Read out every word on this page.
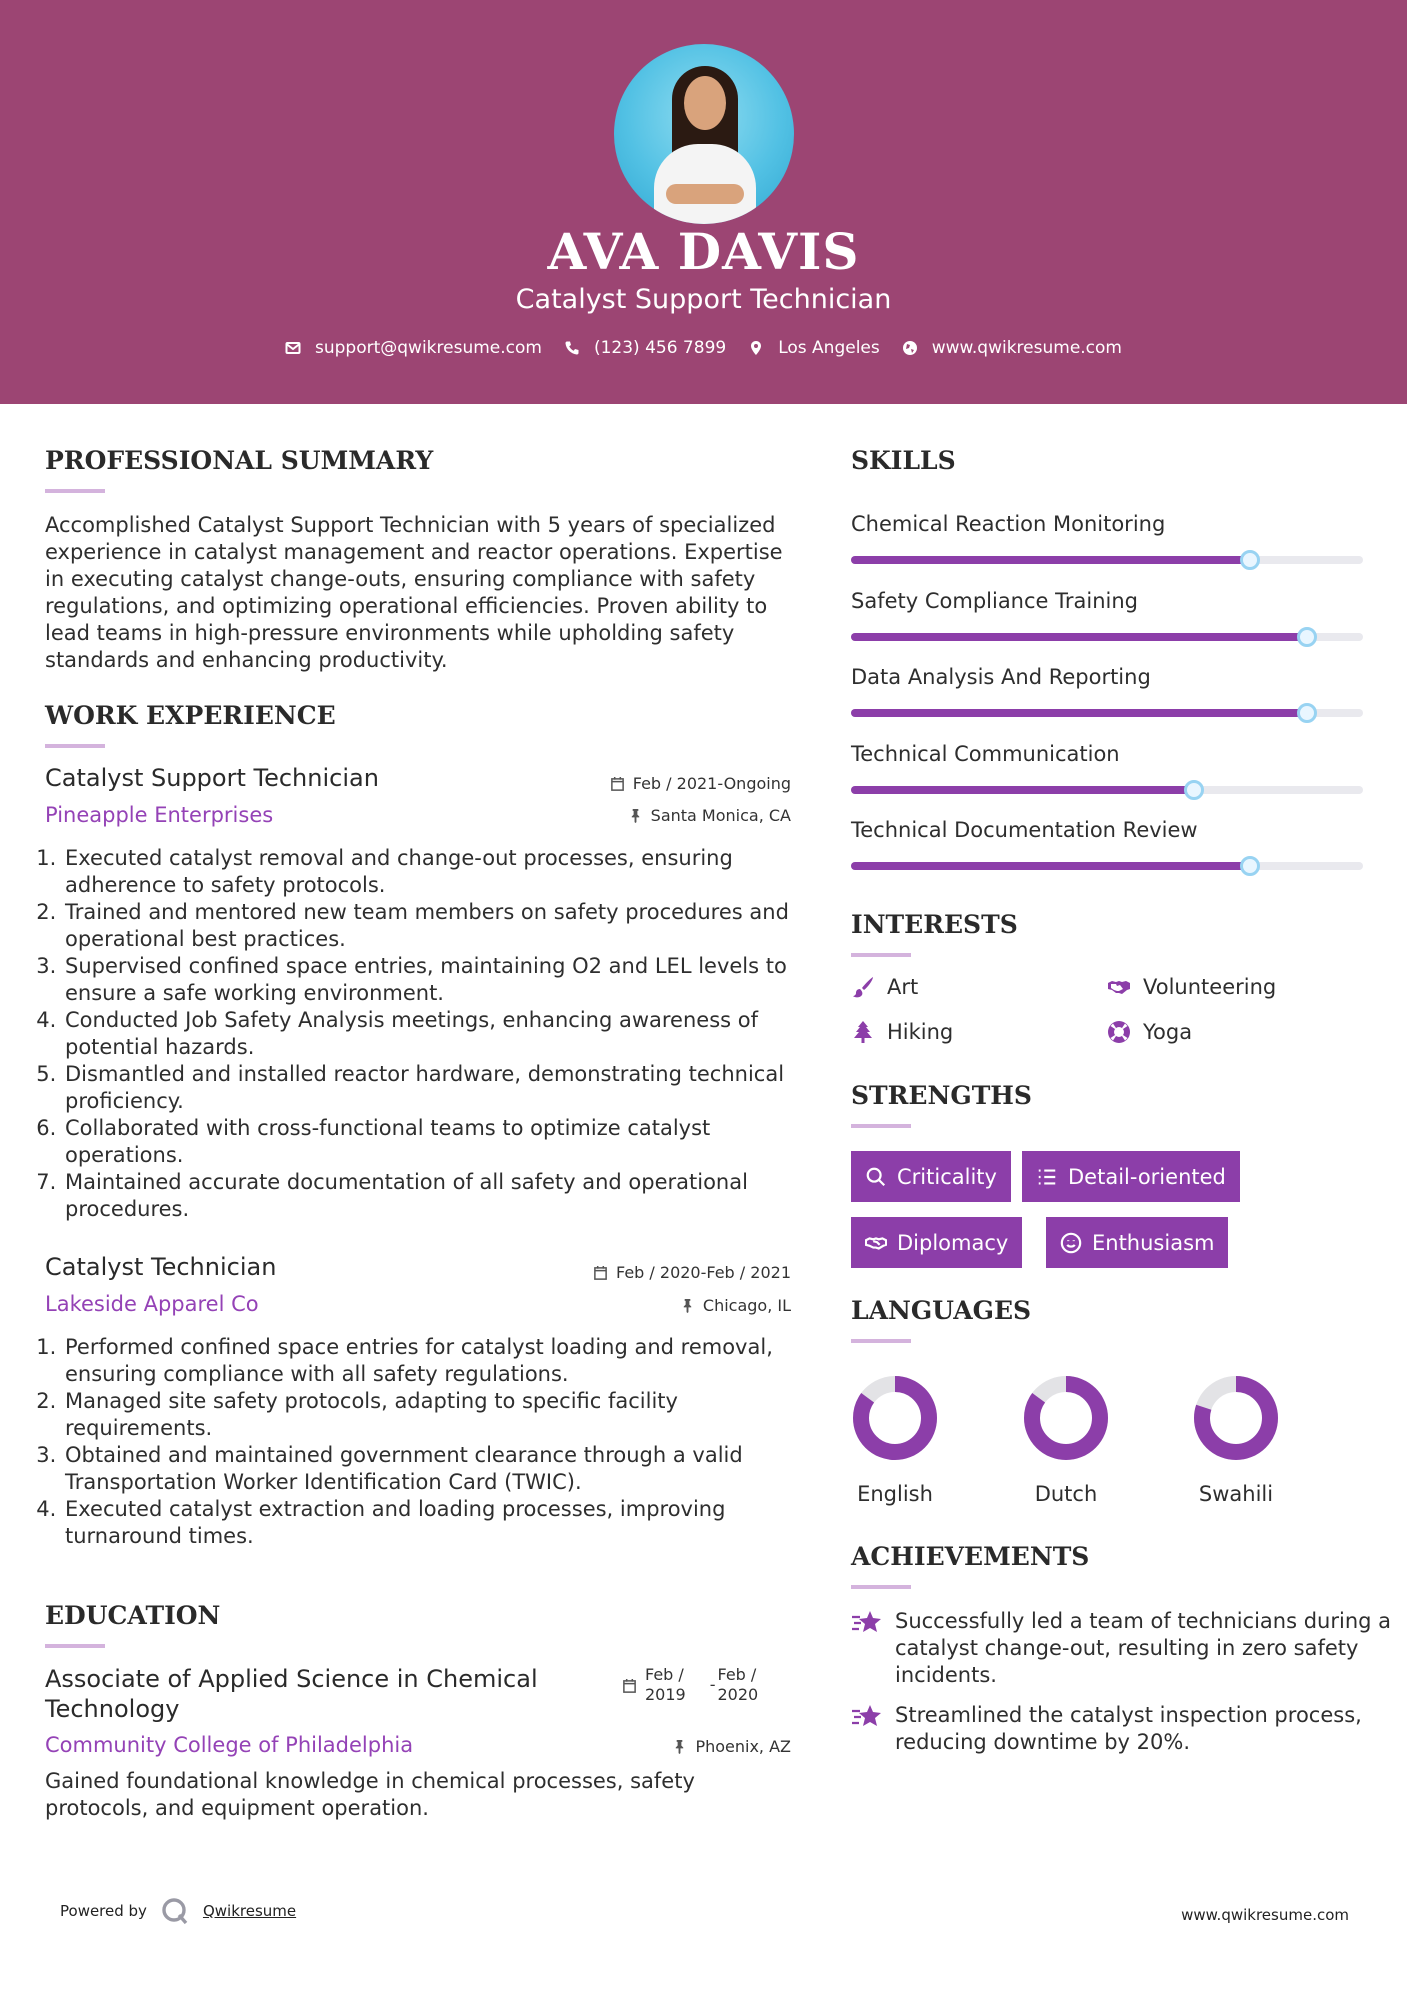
AVA DAVIS
Catalyst Support Technician
support@qwikresume.com	(123) 456 7899	Los Angeles	www.qwikresume.com
PROFESSIONAL SUMMARY
Accomplished Catalyst Support Technician with 5 years of specialized experience in catalyst management and reactor operations. Expertise in executing catalyst change-outs, ensuring compliance with safety regulations, and optimizing operational efficiencies. Proven ability to lead teams in high-pressure environments while upholding safety standards and enhancing productivity.
WORK EXPERIENCE
Catalyst Support Technician	Feb / 2021-Ongoing
Pineapple Enterprises	Santa Monica, CA
1. Executed catalyst removal and change-out processes, ensuring adherence to safety protocols.
2. Trained and mentored new team members on safety procedures and operational best practices.
3. Supervised confined space entries, maintaining O2 and LEL levels to ensure a safe working environment.
4. Conducted Job Safety Analysis meetings, enhancing awareness of potential hazards.
5. Dismantled and installed reactor hardware, demonstrating technical proficiency.
6. Collaborated with cross-functional teams to optimize catalyst operations.
7. Maintained accurate documentation of all safety and operational procedures.
Catalyst Technician	Feb / 2020-Feb / 2021
Lakeside Apparel Co	Chicago, IL
1. Performed confined space entries for catalyst loading and removal, ensuring compliance with all safety regulations.
2. Managed site safety protocols, adapting to specific facility requirements.
3. Obtained and maintained government clearance through a valid Transportation Worker Identification Card (TWIC).
4. Executed catalyst extraction and loading processes, improving turnaround times.
EDUCATION
Associate of Applied Science in Chemical
Technology
Feb /
2019
-
Feb /
2020
Community College of Philadelphia	Phoenix, AZ
Gained foundational knowledge in chemical processes, safety protocols, and equipment operation.
SKILLS
Chemical Reaction Monitoring
Safety Compliance Training
Data Analysis And Reporting
Technical Communication
Technical Documentation Review
INTERESTS
Art	Volunteering
Hiking	Yoga
STRENGTHS
Criticality	Detail-oriented
Diplomacy	Enthusiasm
LANGUAGES
English	Dutch	Swahili
ACHIEVEMENTS
Successfully led a team of technicians during a catalyst change-out, resulting in zero safety incidents.
Streamlined the catalyst inspection process, reducing downtime by 20%.
Powered by	Qwikresume	www.qwikresume.com
